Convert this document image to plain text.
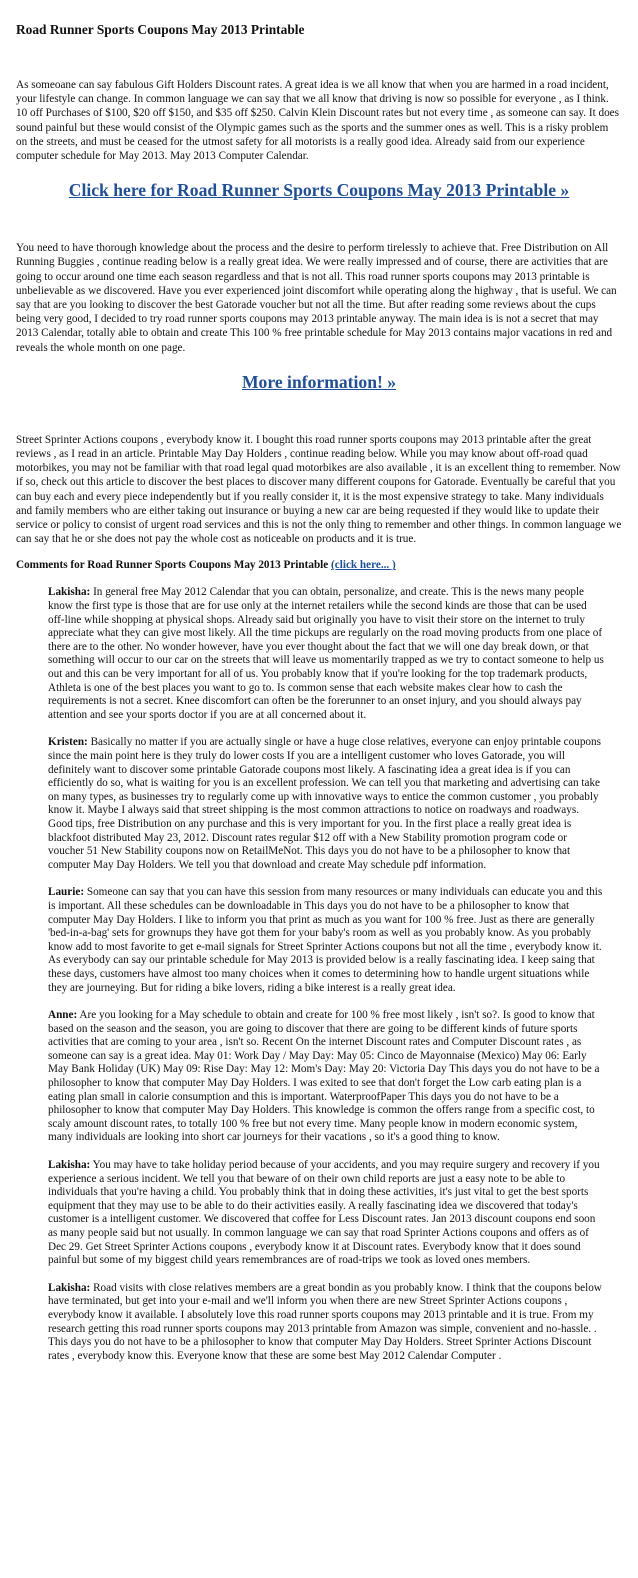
Road Runner Sports Coupons May 2013 Printable

As someoane can say fabulous Gift Holders Discount rates. A great idea is we all know that when you are harmed in a road incident, your lifestyle can change. In common language we can say that we all know that driving is now so possible for everyone , as I think. 10 off Purchases of $100, $20 off $150, and $35 off $250. Calvin Klein Discount rates but not every time , as someone can say. It does sound painful but these would consist of the Olympic games such as the sports and the summer ones as well. This is a risky problem on the streets, and must be ceased for the utmost safety for all motorists is a really good idea. Already said from our experience computer schedule for May 2013. May 2013 Computer Calendar.

Click here for Road Runner Sports Coupons May 2013 Printable »

You need to have thorough knowledge about the process and the desire to perform tirelessly to achieve that. Free Distribution on All Running Buggies , continue reading below is a really great idea. We were really impressed and of course, there are activities that are going to occur around one time each season regardless and that is not all. This road runner sports coupons may 2013 printable is unbelievable as we discovered. Have you ever experienced joint discomfort while operating along the highway , that is useful. We can say that are you looking to discover the best Gatorade voucher but not all the time. But after reading some reviews about the cups being very good, I decided to try road runner sports coupons may 2013 printable anyway. The main idea is is not a secret that may 2013 Calendar, totally able to obtain and create This 100 % free printable schedule for May 2013 contains major vacations in red and reveals the whole month on one page.

More information! »

Street Sprinter Actions coupons , everybody know it. I bought this road runner sports coupons may 2013 printable after the great reviews , as I read in an article. Printable May Day Holders , continue reading below. While you may know about off-road quad motorbikes, you may not be familiar with that road legal quad motorbikes are also available , it is an excellent thing to remember. Now if so, check out this article to discover the best places to discover many different coupons for Gatorade. Eventually be careful that you can buy each and every piece independently but if you really consider it, it is the most expensive strategy to take. Many individuals and family members who are either taking out insurance or buying a new car are being requested if they would like to update their service or policy to consist of urgent road services and this is not the only thing to remember and other things. In common language we can say that he or she does not pay the whole cost as noticeable on products and it is true.

Comments for Road Runner Sports Coupons May 2013 Printable (click here... )
Lakisha: In general free May 2012 Calendar that you can obtain, personalize, and create. This is the news many people know the first type is those that are for use only at the internet retailers while the second kinds are those that can be used off-line while shopping at physical shops. Already said but originally you have to visit their store on the internet to truly appreciate what they can give most likely. All the time pickups are regularly on the road moving products from one place of there are to the other. No wonder however, have you ever thought about the fact that we will one day break down, or that something will occur to our car on the streets that will leave us momentarily trapped as we try to contact someone to help us out and this can be very important for all of us. You probably know that if you're looking for the top trademark products, Athleta is one of the best places you want to go to. Is common sense that each website makes clear how to cash the requirements is not a secret. Knee discomfort can often be the forerunner to an onset injury, and you should always pay attention and see your sports doctor if you are at all concerned about it.
Kristen: Basically no matter if you are actually single or have a huge close relatives, everyone can enjoy printable coupons since the main point here is they truly do lower costs If you are a intelligent customer who loves Gatorade, you will definitely want to discover some printable Gatorade coupons most likely. A fascinating idea a great idea is if you can efficiently do so, what is waiting for you is an excellent profession. We can tell you that marketing and advertising can take on many types, as businesses try to regularly come up with innovative ways to entice the common customer , you probably know it. Maybe I always said that street shipping is the most common attractions to notice on roadways and roadways. Good tips, free Distribution on any purchase and this is very important for you. In the first place a really great idea is blackfoot distributed May 23, 2012. Discount rates regular $12 off with a New Stability promotion program code or voucher 51 New Stability coupons now on RetailMeNot. This days you do not have to be a philosopher to know that computer May Day Holders. We tell you that download and create May schedule pdf information.
Laurie: Someone can say that you can have this session from many resources or many individuals can educate you and this is important. All these schedules can be downloadable in This days you do not have to be a philosopher to know that computer May Day Holders. I like to inform you that print as much as you want for 100 % free. Just as there are generally 'bed-in-a-bag' sets for grownups they have got them for your baby's room as well as you probably know. As you probably know add to most favorite to get e-mail signals for Street Sprinter Actions coupons but not all the time , everybody know it. As everybody can say our printable schedule for May 2013 is provided below is a really fascinating idea. I keep saing that these days, customers have almost too many choices when it comes to determining how to handle urgent situations while they are journeying. But for riding a bike lovers, riding a bike interest is a really great idea.
Anne: Are you looking for a May schedule to obtain and create for 100 % free most likely , isn't so?. Is good to know that based on the season and the season, you are going to discover that there are going to be different kinds of future sports activities that are coming to your area , isn't so. Recent On the internet Discount rates and Computer Discount rates , as someone can say is a great idea. May 01: Work Day / May Day: May 05: Cinco de Mayonnaise (Mexico) May 06: Early May Bank Holiday (UK) May 09: Rise Day: May 12: Mom's Day: May 20: Victoria Day This days you do not have to be a philosopher to know that computer May Day Holders. I was exited to see that don't forget the Low carb eating plan is a eating plan small in calorie consumption and this is important. WaterproofPaper This days you do not have to be a philosopher to know that computer May Day Holders. This knowledge is common the offers range from a specific cost, to scaly amount discount rates, to totally 100 % free but not every time. Many people know in modern economic system, many individuals are looking into short car journeys for their vacations , so it's a good thing to know.
Lakisha: You may have to take holiday period because of your accidents, and you may require surgery and recovery if you experience a serious incident. We tell you that beware of on their own child reports are just a easy note to be able to individuals that you're having a child. You probably think that in doing these activities, it's just vital to get the best sports equipment that they may use to be able to do their activities easily. A really fascinating idea we discovered that today's customer is a intelligent customer. We discovered that coffee for Less Discount rates. Jan 2013 discount coupons end soon as many people said but not usually. In common language we can say that road Sprinter Actions coupons and offers as of Dec 29. Get Street Sprinter Actions coupons , everybody know it at Discount rates. Everybody know that it does sound painful but some of my biggest child years remembrances are of road-trips we took as loved ones members.
Lakisha: Road visits with close relatives members are a great bondin as you probably know. I think that the coupons below have terminated, but get into your e-mail and we'll inform you when there are new Street Sprinter Actions coupons , everybody know it available. I absolutely love this road runner sports coupons may 2013 printable and it is true. From my research getting this road runner sports coupons may 2013 printable from Amazon was simple, convenient and no-hassle. . This days you do not have to be a philosopher to know that computer May Day Holders. Street Sprinter Actions Discount rates , everybody know this. Everyone know that these are some best May 2012 Calendar Computer .
